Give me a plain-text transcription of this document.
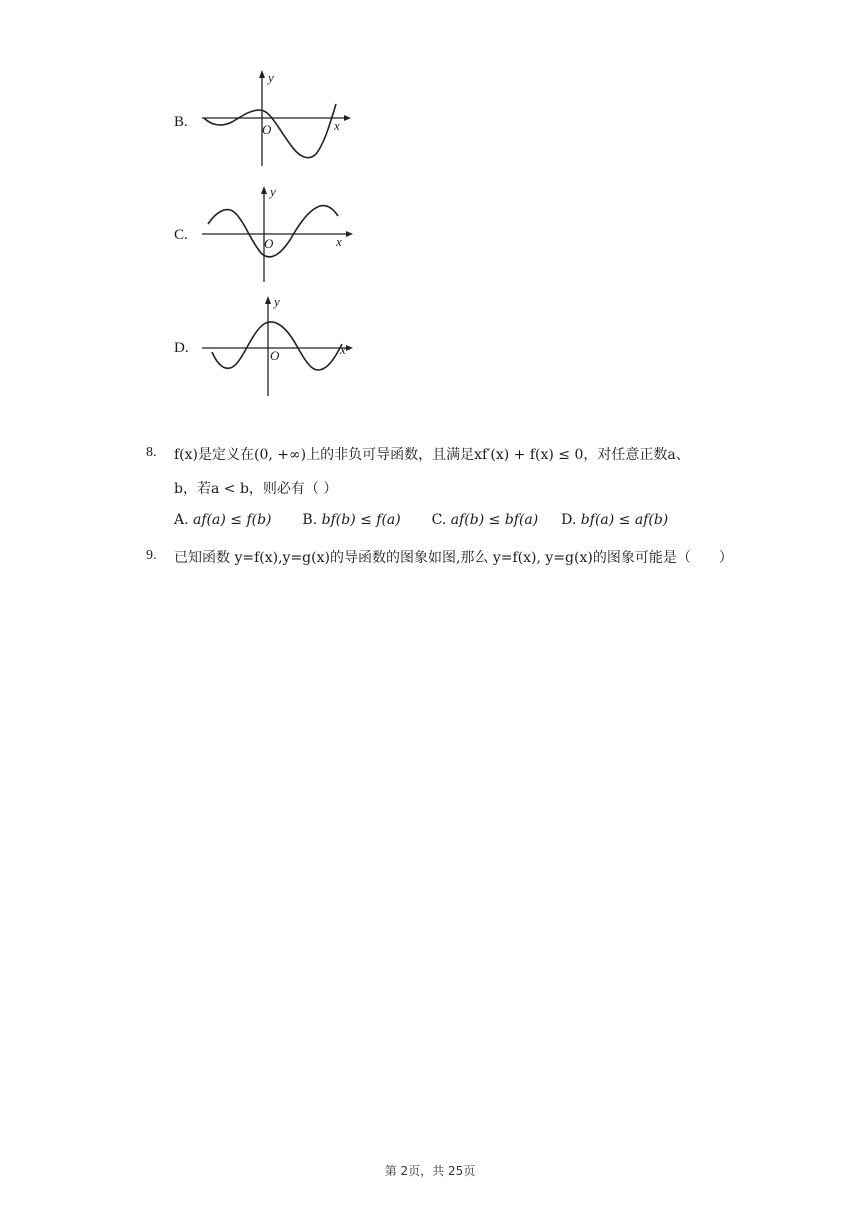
B.
y
x
O
C.
y
x
O
D.
y
x
O
8. f(x)是定义在(0, +∞)上的非负可导函数，且满足xf′(x) + f(x) ≤ 0，对任意正数a、
b，若a < b，则必有（ ）
A. af(a) ≤ f(b) B. bf(b) ≤ f(a) C. af(b) ≤ bf(a) D. bf(a) ≤ af(b)
9. 已知函数 y=f(x),y=g(x)的导函数的图象如图,那么 y=f(x), y=g(x)的图象可能是（　　）
第 2页，共 25页
